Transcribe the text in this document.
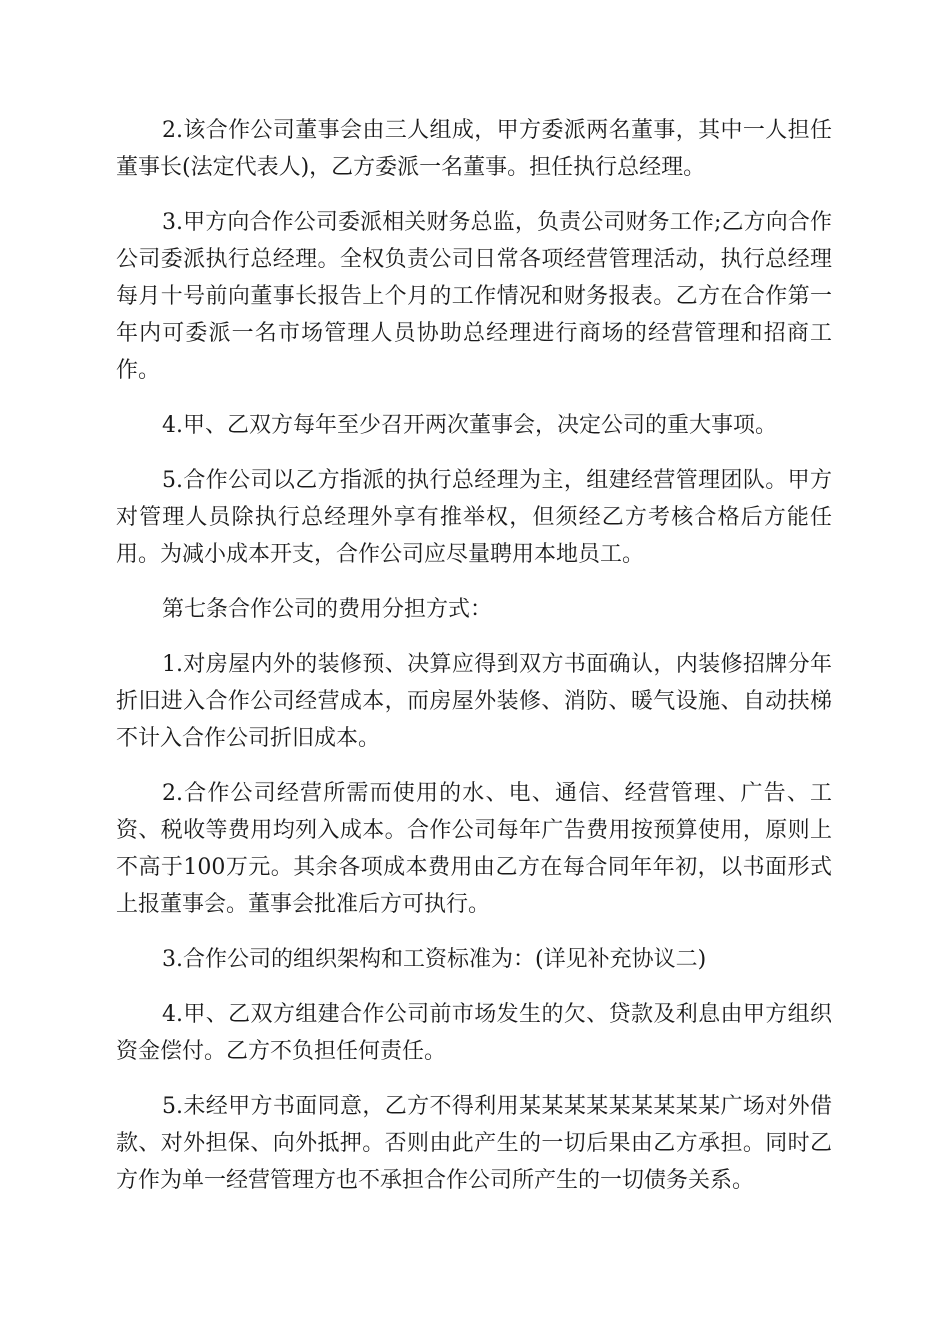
2.该合作公司董事会由三人组成，甲方委派两名董事，其中一人担任董事长(法定代表人)，乙方委派一名董事。担任执行总经理。

3.甲方向合作公司委派相关财务总监，负责公司财务工作;乙方向合作公司委派执行总经理。全权负责公司日常各项经营管理活动，执行总经理每月十号前向董事长报告上个月的工作情况和财务报表。乙方在合作第一年内可委派一名市场管理人员协助总经理进行商场的经营管理和招商工作。

4.甲、乙双方每年至少召开两次董事会，决定公司的重大事项。

5.合作公司以乙方指派的执行总经理为主，组建经营管理团队。甲方对管理人员除执行总经理外享有推举权，但须经乙方考核合格后方能任用。为减小成本开支，合作公司应尽量聘用本地员工。

第七条合作公司的费用分担方式：

1.对房屋内外的装修预、决算应得到双方书面确认，内装修招牌分年折旧进入合作公司经营成本，而房屋外装修、消防、暖气设施、自动扶梯不计入合作公司折旧成本。

2.合作公司经营所需而使用的水、电、通信、经营管理、广告、工资、税收等费用均列入成本。合作公司每年广告费用按预算使用，原则上不高于100万元。其余各项成本费用由乙方在每合同年年初，以书面形式上报董事会。董事会批准后方可执行。

3.合作公司的组织架构和工资标准为：(详见补充协议二)

4.甲、乙双方组建合作公司前市场发生的欠、贷款及利息由甲方组织资金偿付。乙方不负担任何责任。

5.未经甲方书面同意，乙方不得利用某某某某某某某某某广场对外借款、对外担保、向外抵押。否则由此产生的一切后果由乙方承担。同时乙方作为单一经营管理方也不承担合作公司所产生的一切债务关系。
